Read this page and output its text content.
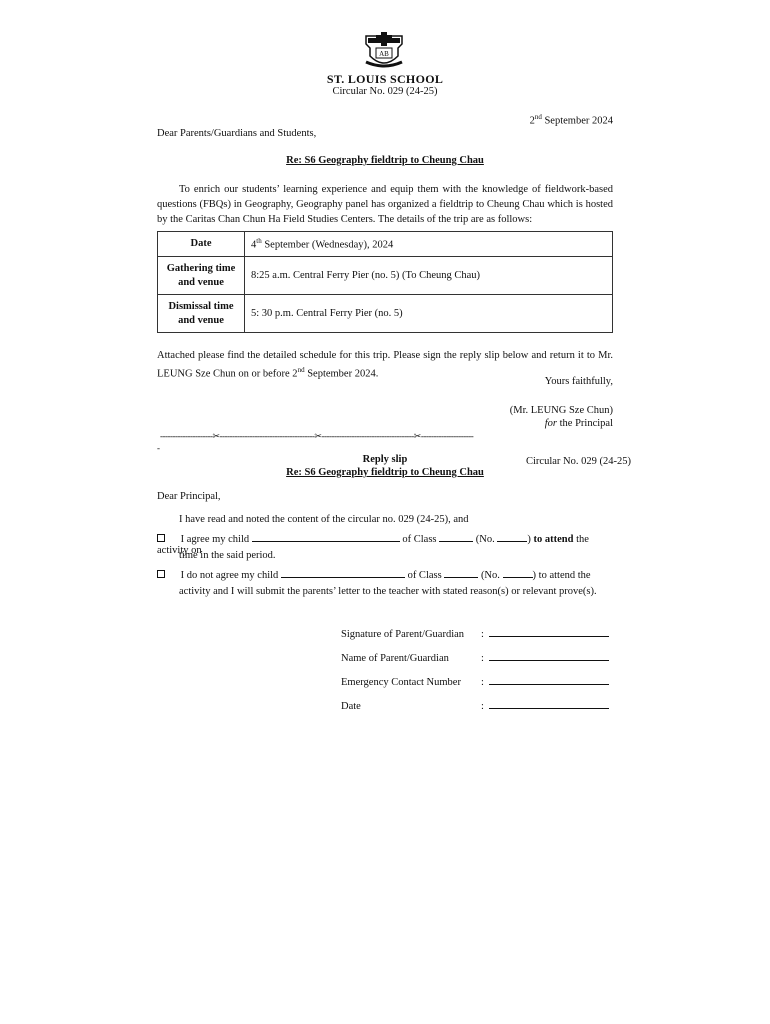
AB
ST. LOUIS SCHOOL
Circular No. 029 (24-25)
2nd September 2024
Dear Parents/Guardians and Students,
Re: S6 Geography fieldtrip to Cheung Chau
To enrich our students’ learning experience and equip them with the knowledge of fieldwork-based questions (FBQs) in Geography, Geography panel has organized a fieldtrip to Cheung Chau which is hosted by the Caritas Chan Chun Ha Field Studies Centers. The details of the trip are as follows:
Date	4th September (Wednesday), 2024
Gathering time and venue	8:25 a.m. Central Ferry Pier (no. 5) (To Cheung Chau)
Dismissal time and venue	5: 30 p.m. Central Ferry Pier (no. 5)
Attached please find the detailed schedule for this trip. Please sign the reply slip below and return it to Mr. LEUNG Sze Chun on or before 2nd September 2024.
Yours faithfully,
(Mr. LEUNG Sze Chun)
for the Principal
---------------------✂--------------------------------------✂-------------------------------------✂---------------------
-
Reply slip	Circular No. 029 (24-25)
Re: S6 Geography fieldtrip to Cheung Chau
Dear Principal,
I have read and noted the content of the circular no. 029 (24-25), and
I agree my child	of Class	(No.	) to attend the activity on
time in the said period.
I do not agree my child	of Class	(No.	) to attend the
activity and I will submit the parents’ letter to the teacher with stated reason(s) or relevant prove(s).
Signature of Parent/Guardian :
Name of Parent/Guardian	:
Emergency Contact Number :
Date	:
